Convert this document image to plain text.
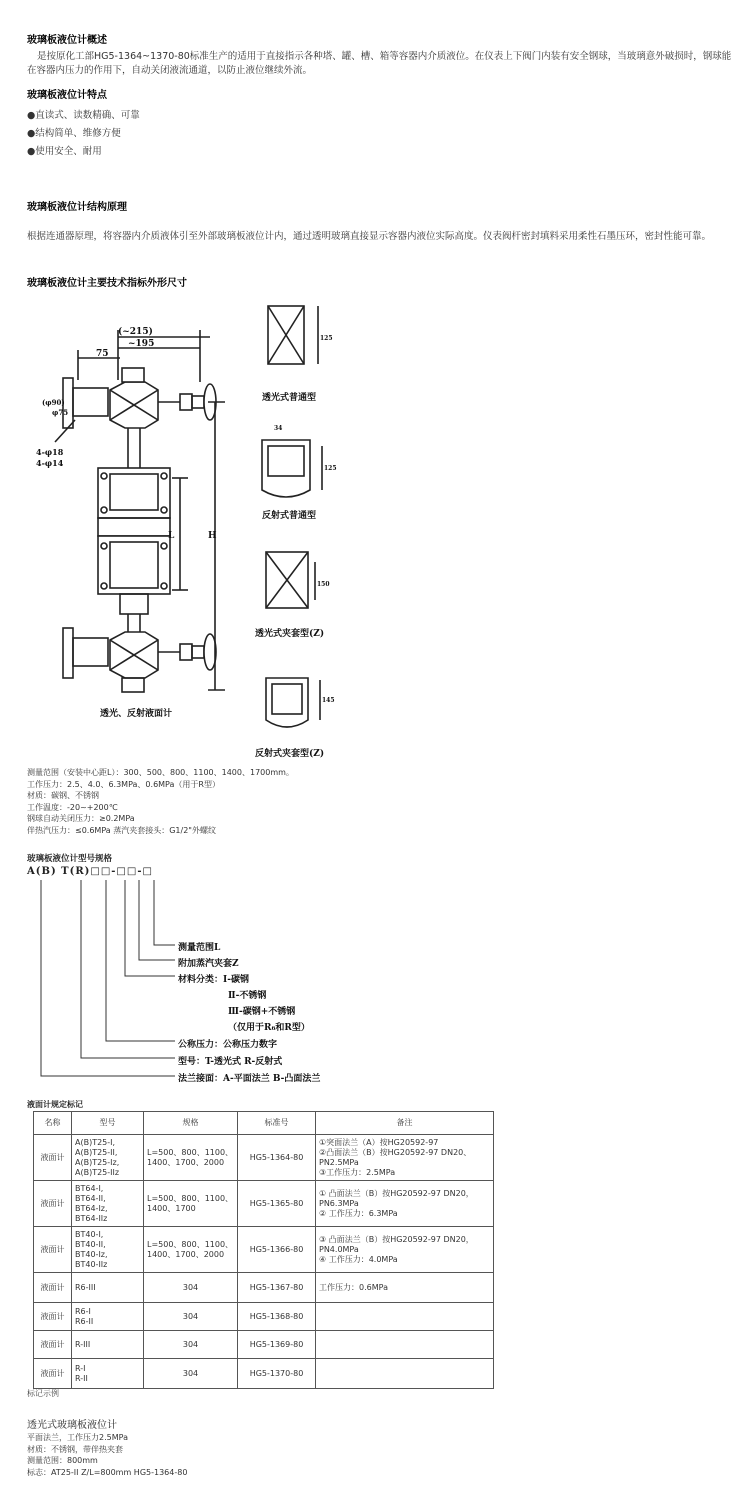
玻璃板液位计概述
是按原化工部HG5-1364~1370-80标准生产的适用于直接指示各种塔、罐、槽、箱等容器内介质液位。在仪表上下阀门内装有安全钢球，当玻璃意外破损时，钢球能在容器内压力的作用下，自动关闭液流通道，以防止液位继续外流。
玻璃板液位计特点
●直读式、读数精确、可靠
●结构简单、维修方便
●使用安全、耐用
玻璃板液位计结构原理
根据连通器原理，将容器内介质液体引至外部玻璃板液位计内，通过透明玻璃直接显示容器内液位实际高度。仪表阀杆密封填料采用柔性石墨压环，密封性能可靠。
玻璃板液位计主要技术指标外形尺寸
(~215)
~195
75
(φ90)
φ75
4-φ18
4-φ14
L	H
透光、反射液面计
透光式普通型
反射式普通型
透光式夹套型(Z)
反射式夹套型(Z)
125
125
150
145
34
测量范围（安装中心距L）：300、500、800、1100、1400、1700mm。
工作压力：2.5、4.0、6.3MPa、0.6MPa（用于R型）
材质：碳钢、不锈钢
工作温度：-20~+200℃
钢球自动关闭压力：≥0.2MPa
伴热汽压力：≤0.6MPa 蒸汽夹套接头：G1/2"外螺纹
玻璃板液位计型号规格
A(B) T(R)□□-□□-□
测量范围L
附加蒸汽夹套Z
材料分类：Ⅰ-碳钢
Ⅱ-不锈钢
Ⅲ-碳钢+不锈钢
（仅用于R₆和R型）
公称压力：公称压力数字
型号：T-透光式 R-反射式
法兰接面：A-平面法兰 B-凸面法兰
液面计规定标记
名称	型号	规格	标准号	备注
液面计	A(B)T25-I,
A(B)T25-II,
A(B)T25-Iz,
A(B)T25-IIz	L=500、800、1100、
1400、1700、2000	HG5-1364-80	①突面法兰（A）按HG20592-97
②凸面法兰（B）按HG20592-97 DN20、
PN2.5MPa
③工作压力：2.5MPa
液面计	BT64-I,
BT64-II,
BT64-Iz,
BT64-IIz	L=500、800、1100、
1400、1700	HG5-1365-80	① 凸面法兰（B）按HG20592-97 DN20，
PN6.3MPa
② 工作压力：6.3MPa
液面计	BT40-I,
BT40-II,
BT40-Iz,
BT40-IIz	L=500、800、1100、
1400、1700、2000	HG5-1366-80	③ 凸面法兰（B）按HG20592-97 DN20，
PN4.0MPa
④ 工作压力：4.0MPa
液面计	R6-III	304	HG5-1367-80	工作压力：0.6MPa
液面计	R6-I
R6-II	304	HG5-1368-80	
液面计	R-III	304	HG5-1369-80	
液面计	R-I
R-II	304	HG5-1370-80	
标记示例
透光式玻璃板液位计
平面法兰，工作压力2.5MPa
材质：不锈钢，带伴热夹套
测量范围：800mm
标志：AT25-II Z/L=800mm HG5-1364-80
